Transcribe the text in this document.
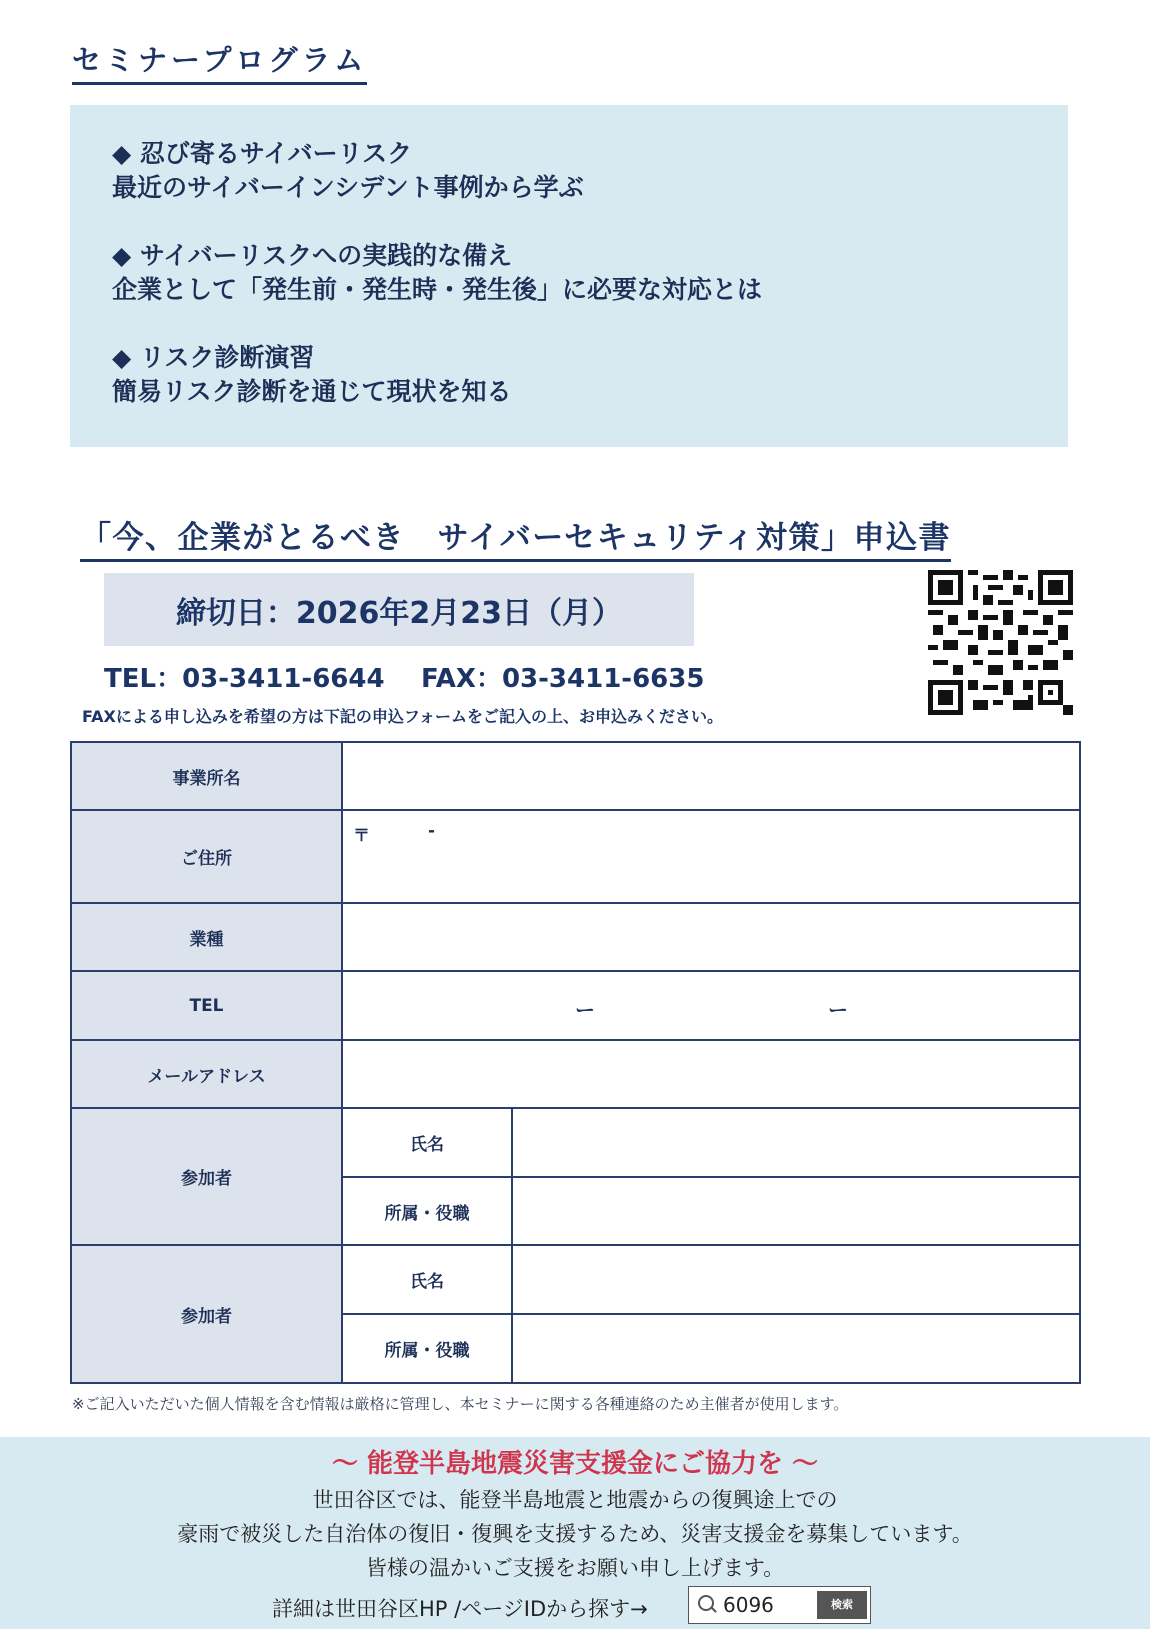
セミナープログラム
◆ 忍び寄るサイバーリスク
最近のサイバーインシデント事例から学ぶ
◆ サイバーリスクへの実践的な備え
企業として「発生前・発生時・発生後」に必要な対応とは
◆ リスク診断演習
簡易リスク診断を通じて現状を知る
「今、企業がとるべき　サイバーセキュリティ対策」申込書
締切日：2026年2月23日（月）
TEL：03-3411-6644 FAX：03-3411-6635
FAXによる申し込みを希望の方は下記の申込フォームをご記入の上、お申込みください。
事業所名		
ご住所	〒 -	

業種		
TEL	ー ー	

メールアドレス		
参加者	氏名	
	所属・役職	
参加者	氏名	
	所属・役職	
※ご記入いただいた個人情報を含む情報は厳格に管理し、本セミナーに関する各種連絡のため主催者が使用します。
～ 能登半島地震災害支援金にご協力を ～
世田谷区では、能登半島地震と地震からの復興途上での
豪雨で被災した自治体の復旧・復興を支援するため、災害支援金を募集しています。
皆様の温かいご支援をお願い申し上げます。
詳細は世田谷区HP /ページIDから探す→	6096	検索
